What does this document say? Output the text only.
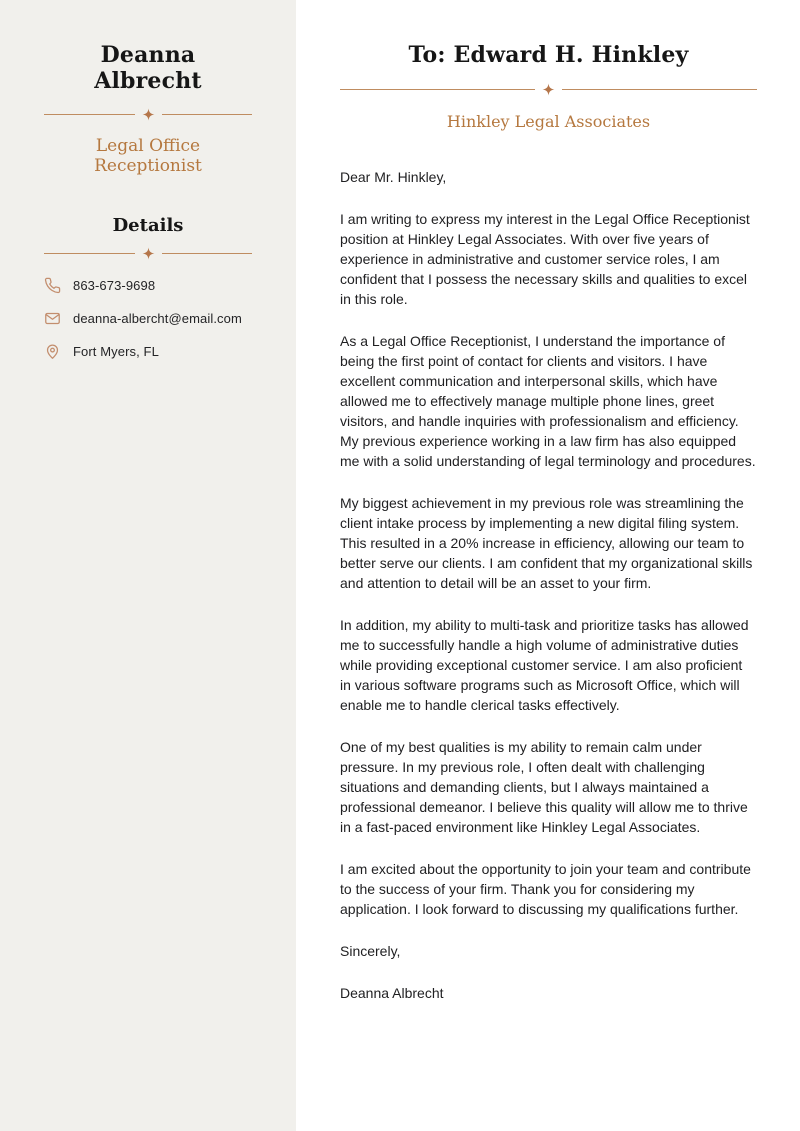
Deanna Albrecht
Legal Office Receptionist
Details
863-673-9698
deanna-albercht@email.com
Fort Myers, FL
To: Edward H. Hinkley
Hinkley Legal Associates

Dear Mr. Hinkley,

I am writing to express my interest in the Legal Office Receptionist position at Hinkley Legal Associates. With over five years of experience in administrative and customer service roles, I am confident that I possess the necessary skills and qualities to excel in this role.

As a Legal Office Receptionist, I understand the importance of being the first point of contact for clients and visitors. I have excellent communication and interpersonal skills, which have allowed me to effectively manage multiple phone lines, greet visitors, and handle inquiries with professionalism and efficiency. My previous experience working in a law firm has also equipped me with a solid understanding of legal terminology and procedures.

My biggest achievement in my previous role was streamlining the client intake process by implementing a new digital filing system. This resulted in a 20% increase in efficiency, allowing our team to better serve our clients. I am confident that my organizational skills and attention to detail will be an asset to your firm.

In addition, my ability to multi-task and prioritize tasks has allowed me to successfully handle a high volume of administrative duties while providing exceptional customer service. I am also proficient in various software programs such as Microsoft Office, which will enable me to handle clerical tasks effectively.

One of my best qualities is my ability to remain calm under pressure. In my previous role, I often dealt with challenging situations and demanding clients, but I always maintained a professional demeanor. I believe this quality will allow me to thrive in a fast-paced environment like Hinkley Legal Associates.

I am excited about the opportunity to join your team and contribute to the success of your firm. Thank you for considering my application. I look forward to discussing my qualifications further.

Sincerely,

Deanna Albrecht
